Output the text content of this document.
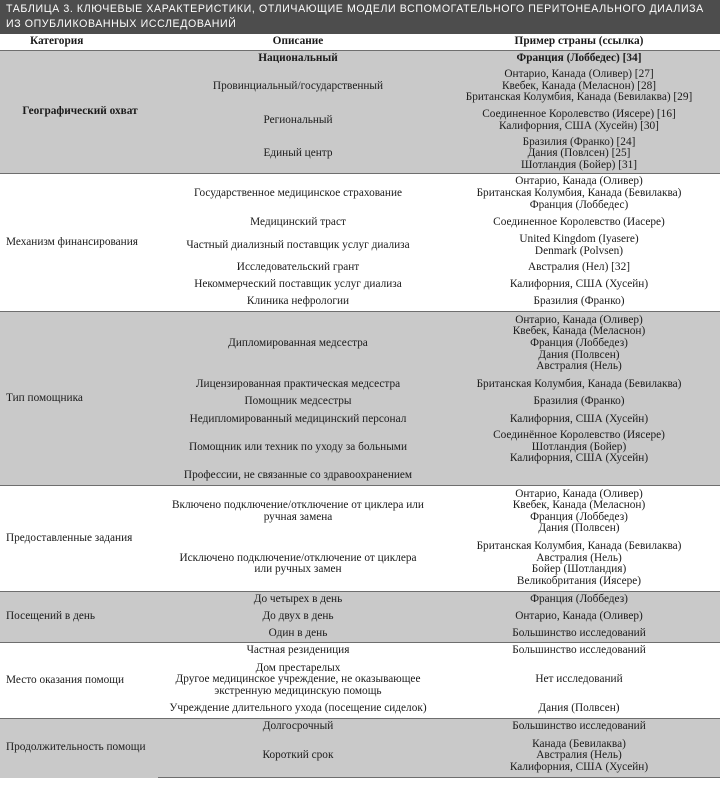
ТАБЛИЦА 3. КЛЮЧЕВЫЕ ХАРАКТЕРИСТИКИ, ОТЛИЧАЮЩИЕ МОДЕЛИ ВСПОМОГАТЕЛЬНОГО ПЕРИТОНЕАЛЬНОГО ДИАЛИЗА ИЗ ОПУБЛИКОВАННЫХ ИССЛЕДОВАНИЙ
Категория	Описание	Пример страны (ссылка)
Географический охват	Национальный	Франция (Лоббедес) [34]
	Провинциальный/государственный	Онтарио, Канада (Оливер) [27]
Квебек, Канада (Меласнон) [28]
Британская Колумбия, Канада (Бевилаква) [29]
	Региональный	Соединенное Королевство (Иясере) [16]
Калифорния, США (Хусейн) [30]
	Единый центр	Бразилия (Франко) [24]
Дания (Повлсен) [25]
Шотландия (Бойер) [31]
Механизм финансирования	Государственное медицинское страхование	Онтарио, Канада (Оливер)
Британская Колумбия, Канада (Бевилаква)
Франция (Лоббедес)
	Медицинский траст	Соединенное Королевство (Иасере)
	Частный диализный поставщик услуг диализа	United Kingdom (Iyasere)
Denmark (Polvsen)
	Исследовательский грант	Австралия (Нел) [32]
	Некоммерческий поставщик услуг диализа	Калифорния, США (Хусейн)
	Клиника нефрологии	Бразилия (Франко)
Тип помощника	Дипломированная медсестра	Онтарио, Канада (Оливер)
Квебек, Канада (Меласнон)
Франция (Лоббедез)
Дания (Полвсен)
Австралия (Нель)
	Лицензированная практическая медсестра	Британская Колумбия, Канада (Бевилаква)
	Помощник медсестры	Бразилия (Франко)
	Недипломированный медицинский персонал	Калифорния, США (Хусейн)
	Помощник или техник по уходу за больными	Соединённое Королевство (Иясере)
Шотландия (Бойер)
Калифорния, США (Хусейн)
	Профессии, не связанные со здравоохранением	
Предоставленные задания	Включено подключение/отключение от циклера или
ручная замена	Онтарио, Канада (Оливер)
Квебек, Канада (Меласнон)
Франция (Лоббедез)
Дания (Полвсен)
	Исключено подключение/отключение от циклера
или ручных замен	Британская Колумбия, Канада (Бевилаква)
Австралия (Нель)
Бойер (Шотландия)
Великобритания (Иясере)
Посещений в день	До четырех в день	Франция (Лоббедез)
	До двух в день	Онтарио, Канада (Оливер)
	Один в день	Большинство исследований
Место оказания помощи	Частная резидениция	Большинство исследований
	Дом престарелых
Другое медицинское учреждение, не оказывающее
экстренную медицинскую помощь	Нет исследований
	Учреждение длительного ухода (посещение сиделок)	Дания (Полвсен)
Продолжительность помощи	Долгосрочный	Большинство исследований
	Короткий срок	Канада (Бевилаква)
Австралия (Нель)
Калифорния, США (Хусейн)
